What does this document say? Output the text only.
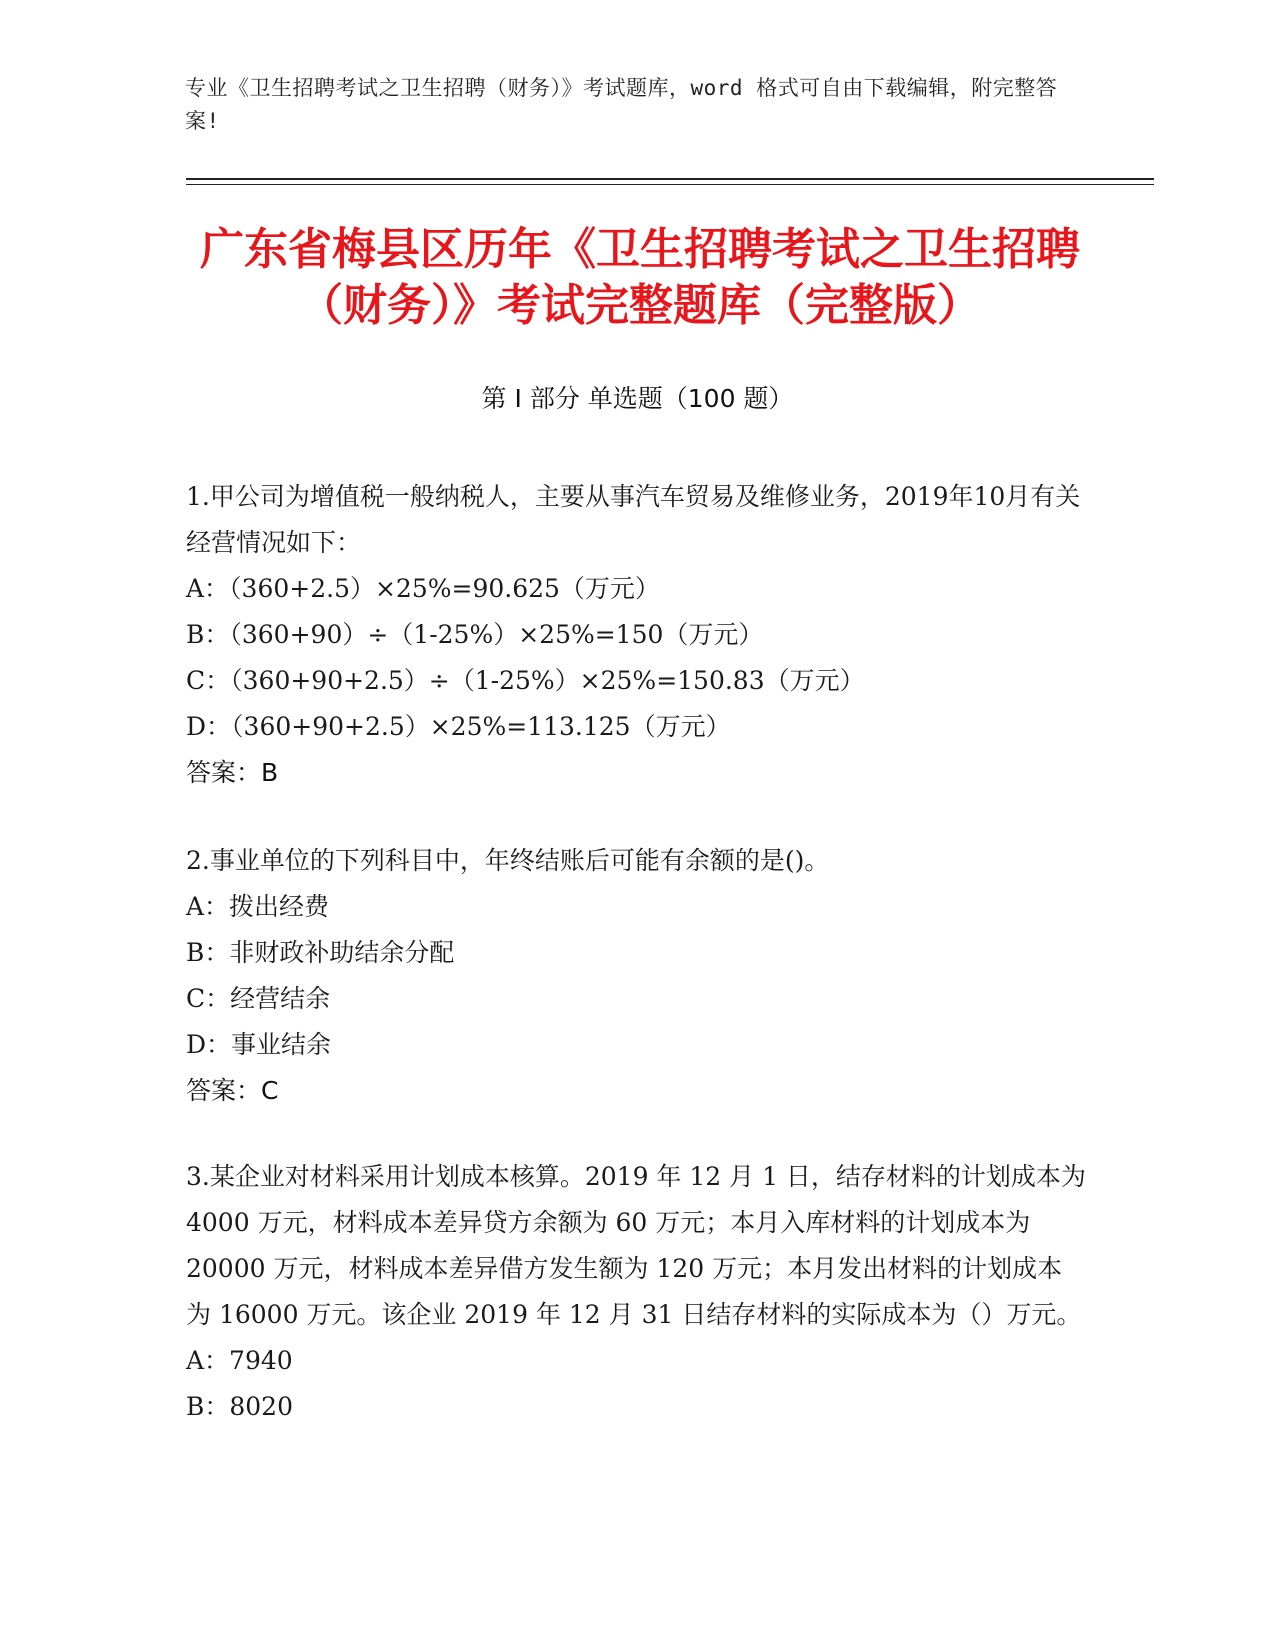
专业《卫生招聘考试之卫生招聘（财务）》考试题库，word 格式可自由下载编辑，附完整答案!
广东省梅县区历年《卫生招聘考试之卫生招聘（财务）》考试完整题库（完整版）
第 I 部分 单选题（100 题）
1.甲公司为增值税一般纳税人，主要从事汽车贸易及维修业务，2019年10月有关经营情况如下：
A：（360+2.5）×25%=90.625（万元）
B：（360+90）÷（1-25%）×25%=150（万元）
C：（360+90+2.5）÷（1-25%）×25%=150.83（万元）
D：（360+90+2.5）×25%=113.125（万元）
答案：B
2.事业单位的下列科目中，年终结账后可能有余额的是()。
A：拨出经费
B：非财政补助结余分配
C：经营结余
D：事业结余
答案：C
3.某企业对材料采用计划成本核算。2019 年 12 月 1 日，结存材料的计划成本为 4000 万元，材料成本差异贷方余额为 60 万元；本月入库材料的计划成本为 20000 万元，材料成本差异借方发生额为 120 万元；本月发出材料的计划成本为 16000 万元。该企业 2019 年 12 月 31 日结存材料的实际成本为（）万元。
A：7940
B：8020
